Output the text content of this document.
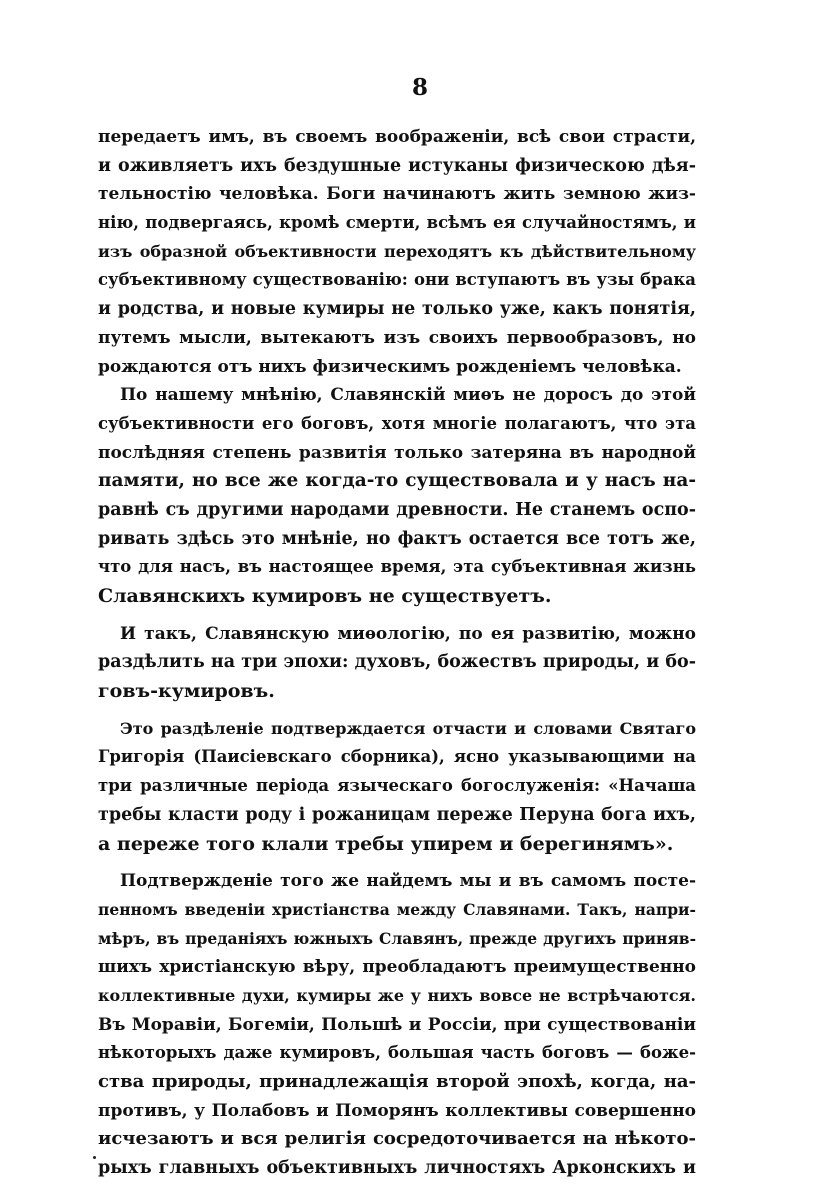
8
передаетъ имъ, въ своемъ воображенiи, всѣ свои страсти,
и оживляетъ ихъ бездушные истуканы физическою дѣя-
тельностiю человѣка. Боги начинаютъ жить земною жиз-
нiю, подвергаясь, кромѣ смерти, всѣмъ ея случайностямъ, и
изъ образной объективности переходятъ къ дѣйствительному
субъективному существованiю: они вступаютъ въ узы брака
и родства, и новые кумиры не только уже, какъ понятiя,
путемъ мысли, вытекаютъ изъ своихъ первообразовъ, но
рождаются отъ нихъ физическимъ рожденiемъ человѣка.
По нашему мнѣнiю, Славянскiй миѳъ не доросъ до этой
субъективности его боговъ, хотя многiе полагаютъ, что эта
послѣдняя степень развитiя только затеряна въ народной
памяти, но все же когда-то существовала и у насъ на-
равнѣ съ другими народами древности. Не станемъ оспо-
ривать здѣсь это мнѣнiе, но фактъ остается все тотъ же,
что для насъ, въ настоящее время, эта субъективная жизнь
Славянскихъ кумировъ не существуетъ.
И такъ, Славянскую миѳологiю, по ея развитiю, можно
раздѣлить на три эпохи: духовъ, божествъ природы, и бо-
говъ-кумировъ.
Это раздѣленiе подтверждается отчасти и словами Святаго
Григорiя (Паисiевскаго сборника), ясно указывающими на
три различные перiода языческаго богослуженiя: «Начаша
требы класти роду і рожаницам переже Перуна бога ихъ,
а переже того клали требы упирем и берегинямъ».
Подтвержденiе того же найдемъ мы и въ самомъ посте-
пенномъ введенiи христiанства между Славянами. Такъ, напри-
мѣръ, въ преданiяхъ южныхъ Славянъ, прежде другихъ приняв-
шихъ христiанскую вѣру, преобладаютъ преимущественно
коллективные духи, кумиры же у нихъ вовсе не встрѣчаются.
Въ Моравiи, Богемiи, Польшѣ и Россiи, при существованiи
нѣкоторыхъ даже кумировъ, большая часть боговъ — боже-
ства природы, принадлежащiя второй эпохѣ, когда, на-
противъ, у Полабовъ и Поморянъ коллективы совершенно
исчезаютъ и вся религiя сосредоточивается на нѣкото-
рыхъ главныхъ объективныхъ личностяхъ Арконскихъ и
